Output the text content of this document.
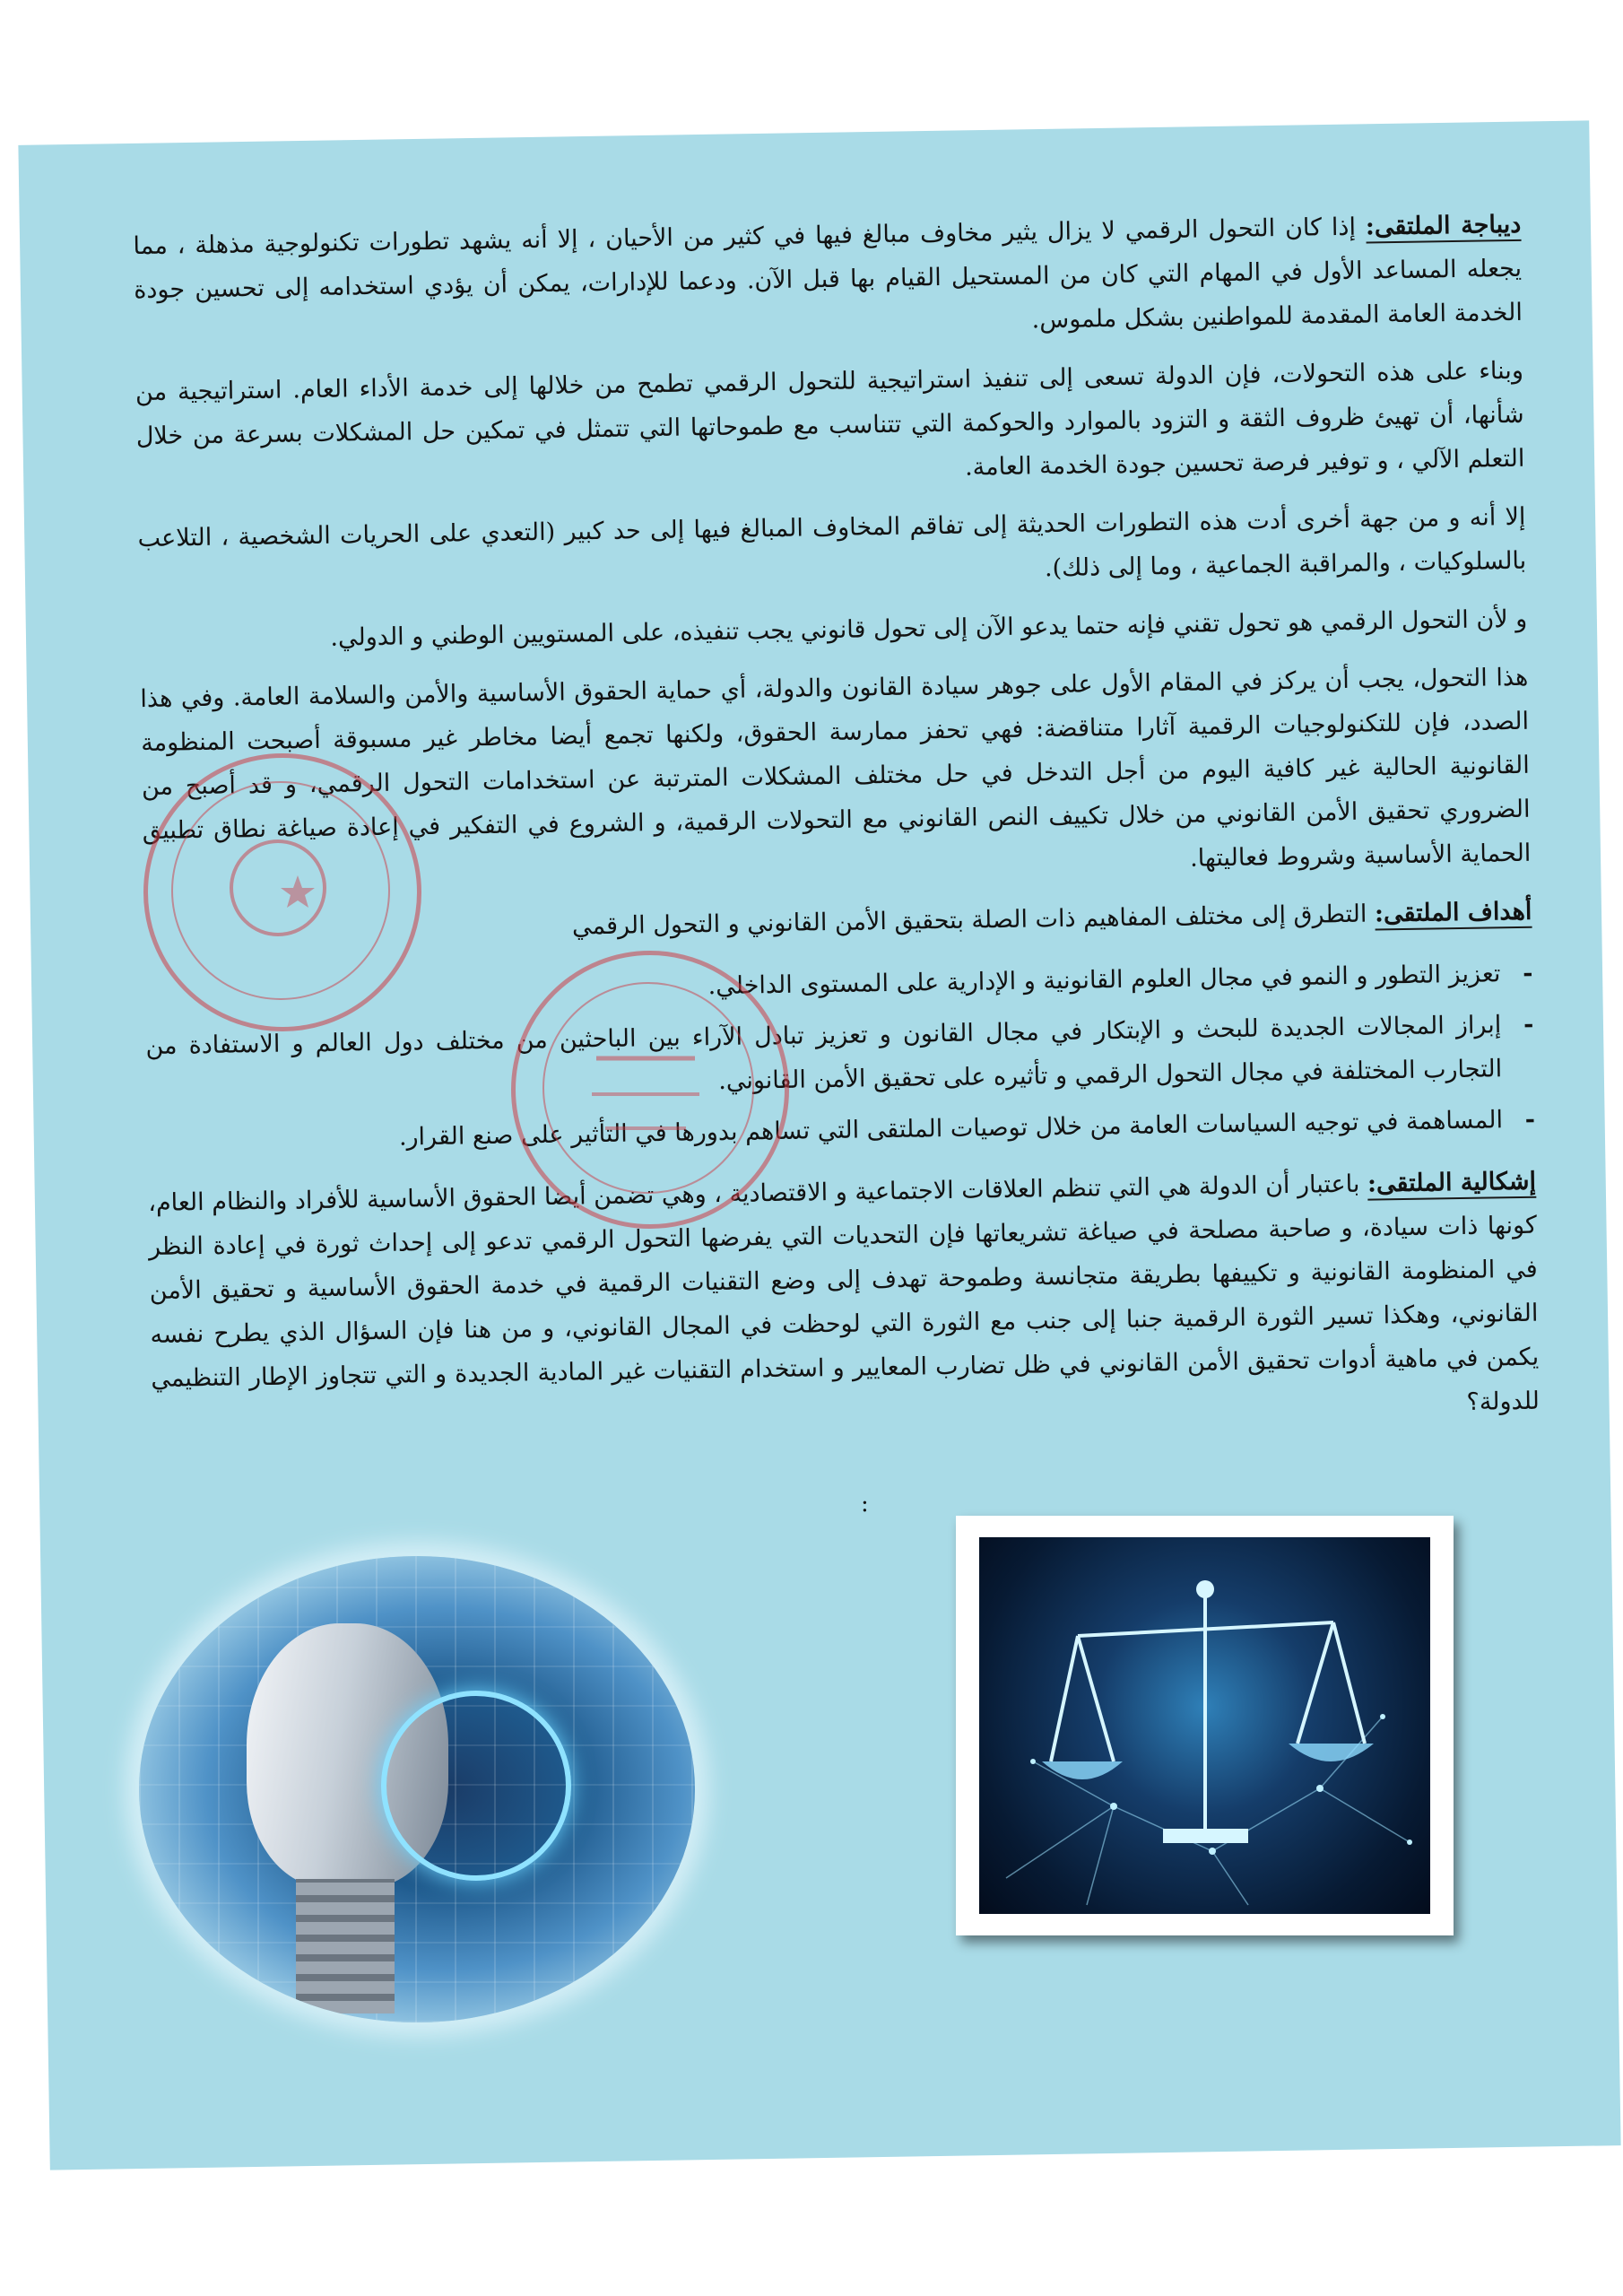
ديباجة الملتقى: إذا كان التحول الرقمي لا يزال يثير مخاوف مبالغ فيها في كثير من الأحيان ، إلا أنه يشهد تطورات تكنولوجية مذهلة ، مما يجعله المساعد الأول في المهام التي كان من المستحيل القيام بها قبل الآن. ودعما للإدارات، يمكن أن يؤدي استخدامه إلى تحسين جودة الخدمة العامة المقدمة للمواطنين بشكل ملموس.

وبناء على هذه التحولات، فإن الدولة تسعى إلى تنفيذ استراتيجية للتحول الرقمي تطمح من خلالها إلى خدمة الأداء العام. استراتيجية من شأنها، أن تهيئ ظروف الثقة و التزود بالموارد والحوكمة التي تتناسب مع طموحاتها التي تتمثل في تمكين حل المشكلات بسرعة من خلال التعلم الآلي ، و توفير فرصة تحسين جودة الخدمة العامة.

إلا أنه و من جهة أخرى أدت هذه التطورات الحديثة إلى تفاقم المخاوف المبالغ فيها إلى حد كبير (التعدي على الحريات الشخصية ، التلاعب بالسلوكيات ، والمراقبة الجماعية ، وما إلى ذلك).

و لأن التحول الرقمي هو تحول تقني فإنه حتما يدعو الآن إلى تحول قانوني يجب تنفيذه، على المستويين الوطني و الدولي.

هذا التحول، يجب أن يركز في المقام الأول على جوهر سيادة القانون والدولة، أي حماية الحقوق الأساسية والأمن والسلامة العامة. وفي هذا الصدد، فإن للتكنولوجيات الرقمية آثارا متناقضة: فهي تحفز ممارسة الحقوق، ولكنها تجمع أيضا مخاطر غير مسبوقة أصبحت المنظومة القانونية الحالية غير كافية اليوم من أجل التدخل في حل مختلف المشكلات المترتبة عن استخدامات التحول الرقمي، و قد أصبح من الضروري تحقيق الأمن القانوني من خلال تكييف النص القانوني مع التحولات الرقمية، و الشروع في التفكير في إعادة صياغة نطاق تطبيق الحماية الأساسية وشروط فعاليتها.

أهداف الملتقى: التطرق إلى مختلف المفاهيم ذات الصلة بتحقيق الأمن القانوني و التحول الرقمي

-
تعزيز التطور و النمو في مجال العلوم القانونية و الإدارية على المستوى الداخلي.
-
إبراز المجالات الجديدة للبحث و الإبتكار في مجال القانون و تعزيز تبادل الآراء بين الباحثين من مختلف دول العالم و الاستفادة من التجارب المختلفة في مجال التحول الرقمي و تأثيره على تحقيق الأمن القانوني.
-
المساهمة في توجيه السياسات العامة من خلال توصيات الملتقى التي تساهم بدورها في التأثير على صنع القرار.

إشكالية الملتقى: باعتبار أن الدولة هي التي تنظم العلاقات الاجتماعية و الاقتصادية ، وهي تضمن أيضا الحقوق الأساسية للأفراد والنظام العام، كونها ذات سيادة، و صاحبة مصلحة في صياغة تشريعاتها فإن التحديات التي يفرضها التحول الرقمي تدعو إلى إحداث ثورة في إعادة النظر في المنظومة القانونية و تكييفها بطريقة متجانسة وطموحة تهدف إلى وضع التقنيات الرقمية في خدمة الحقوق الأساسية و تحقيق الأمن القانوني، وهكذا تسير الثورة الرقمية جنبا إلى جنب مع الثورة التي لوحظت في المجال القانوني، و من هنا فإن السؤال الذي يطرح نفسه يكمن في ماهية أدوات تحقيق الأمن القانوني في ظل تضارب المعايير و استخدام التقنيات غير المادية الجديدة و التي تتجاوز الإطار التنظيمي للدولة؟

:
